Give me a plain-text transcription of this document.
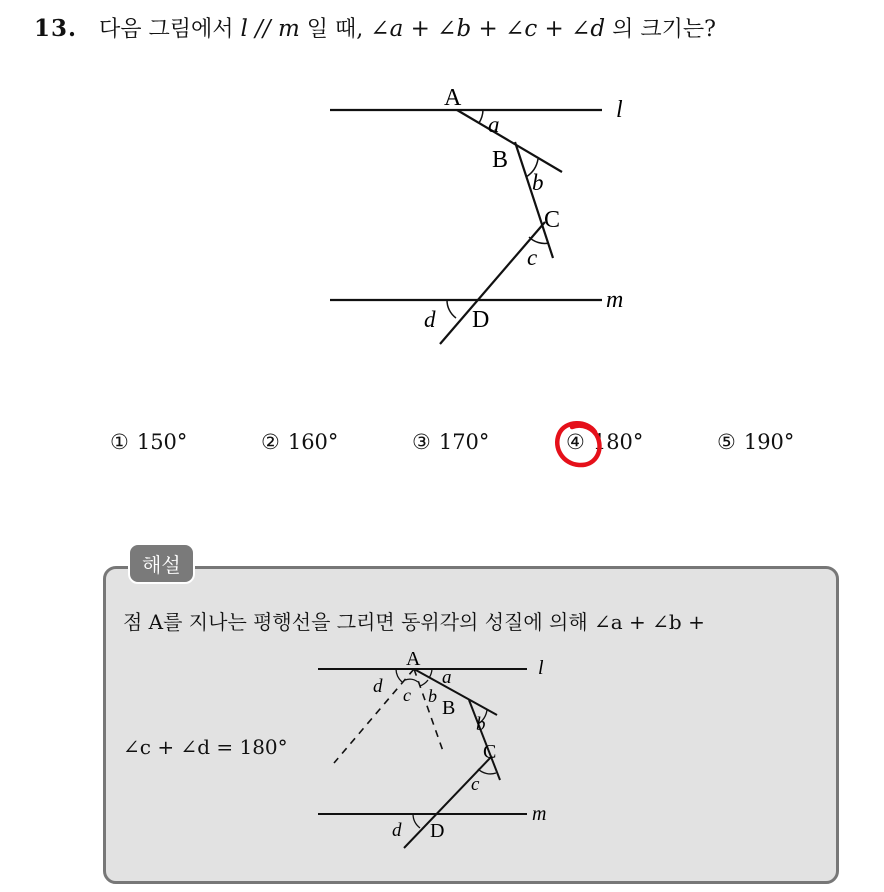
13. 다음 그림에서 l // m 일 때, ∠a + ∠b + ∠c + ∠d 의 크기는?
A
B
C
D
a
b
c
d
l
m
① 150°	② 160°	③ 170°	④ 180°	⑤ 190°
해설
점 A를 지나는 평행선을 그리면 동위각의 성질에 의해 ∠a + ∠b +
∠c + ∠d = 180°
A
B
C
D
a
d c b
b
c
d
l
m
